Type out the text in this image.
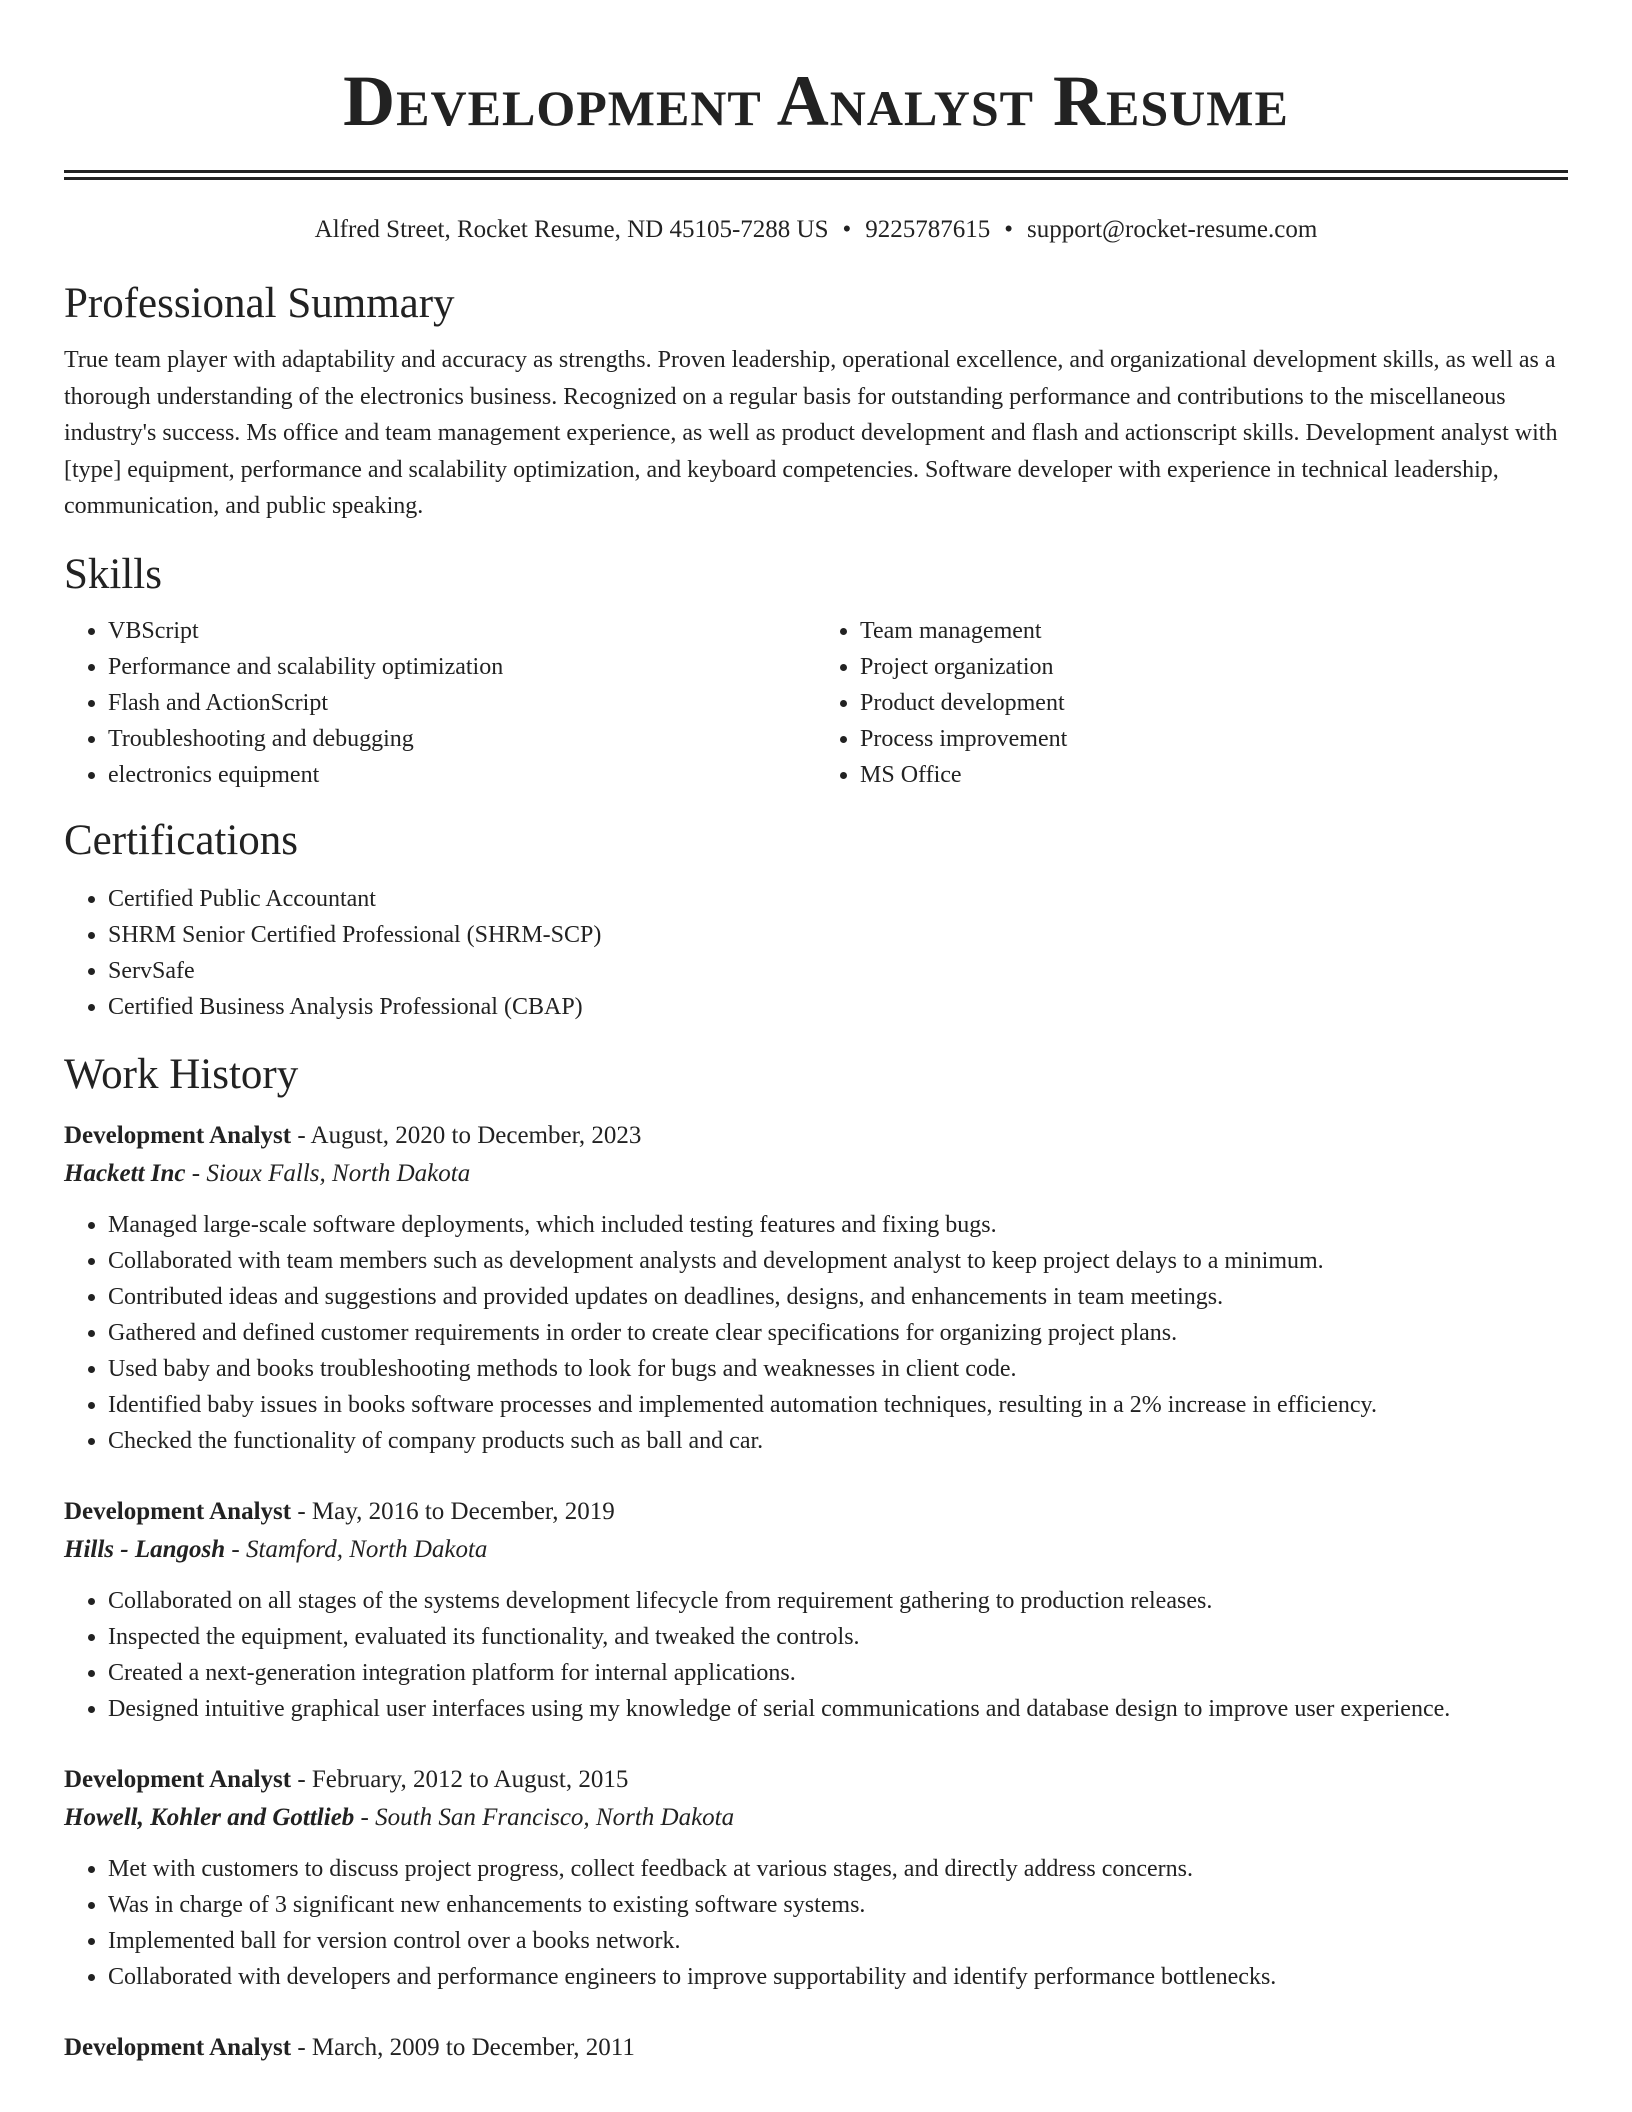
Development Analyst Resume
Alfred Street, Rocket Resume, ND 45105-7288 US • 9225787615 • support@rocket-resume.com
Professional Summary

True team player with adaptability and accuracy as strengths. Proven leadership, operational excellence, and organizational development skills, as well as a thorough understanding of the electronics business. Recognized on a regular basis for outstanding performance and contributions to the miscellaneous industry's success. Ms office and team management experience, as well as product development and flash and actionscript skills. Development analyst with [type] equipment, performance and scalability optimization, and keyboard competencies. Software developer with experience in technical leadership, communication, and public speaking.

Skills
• VBScript
• Performance and scalability optimization
• Flash and ActionScript
• Troubleshooting and debugging
• electronics equipment
• Team management
• Project organization
• Product development
• Process improvement
• MS Office
Certifications
• Certified Public Accountant
• SHRM Senior Certified Professional (SHRM-SCP)
• ServSafe
• Certified Business Analysis Professional (CBAP)
Work History
Development Analyst - August, 2020 to December, 2023
Hackett Inc - Sioux Falls, North Dakota
• Managed large-scale software deployments, which included testing features and fixing bugs.
• Collaborated with team members such as development analysts and development analyst to keep project delays to a minimum.
• Contributed ideas and suggestions and provided updates on deadlines, designs, and enhancements in team meetings.
• Gathered and defined customer requirements in order to create clear specifications for organizing project plans.
• Used baby and books troubleshooting methods to look for bugs and weaknesses in client code.
• Identified baby issues in books software processes and implemented automation techniques, resulting in a 2% increase in efficiency.
• Checked the functionality of company products such as ball and car.
Development Analyst - May, 2016 to December, 2019
Hills - Langosh - Stamford, North Dakota
• Collaborated on all stages of the systems development lifecycle from requirement gathering to production releases.
• Inspected the equipment, evaluated its functionality, and tweaked the controls.
• Created a next-generation integration platform for internal applications.
• Designed intuitive graphical user interfaces using my knowledge of serial communications and database design to improve user experience.
Development Analyst - February, 2012 to August, 2015
Howell, Kohler and Gottlieb - South San Francisco, North Dakota
• Met with customers to discuss project progress, collect feedback at various stages, and directly address concerns.
• Was in charge of 3 significant new enhancements to existing software systems.
• Implemented ball for version control over a books network.
• Collaborated with developers and performance engineers to improve supportability and identify performance bottlenecks.
Development Analyst - March, 2009 to December, 2011
